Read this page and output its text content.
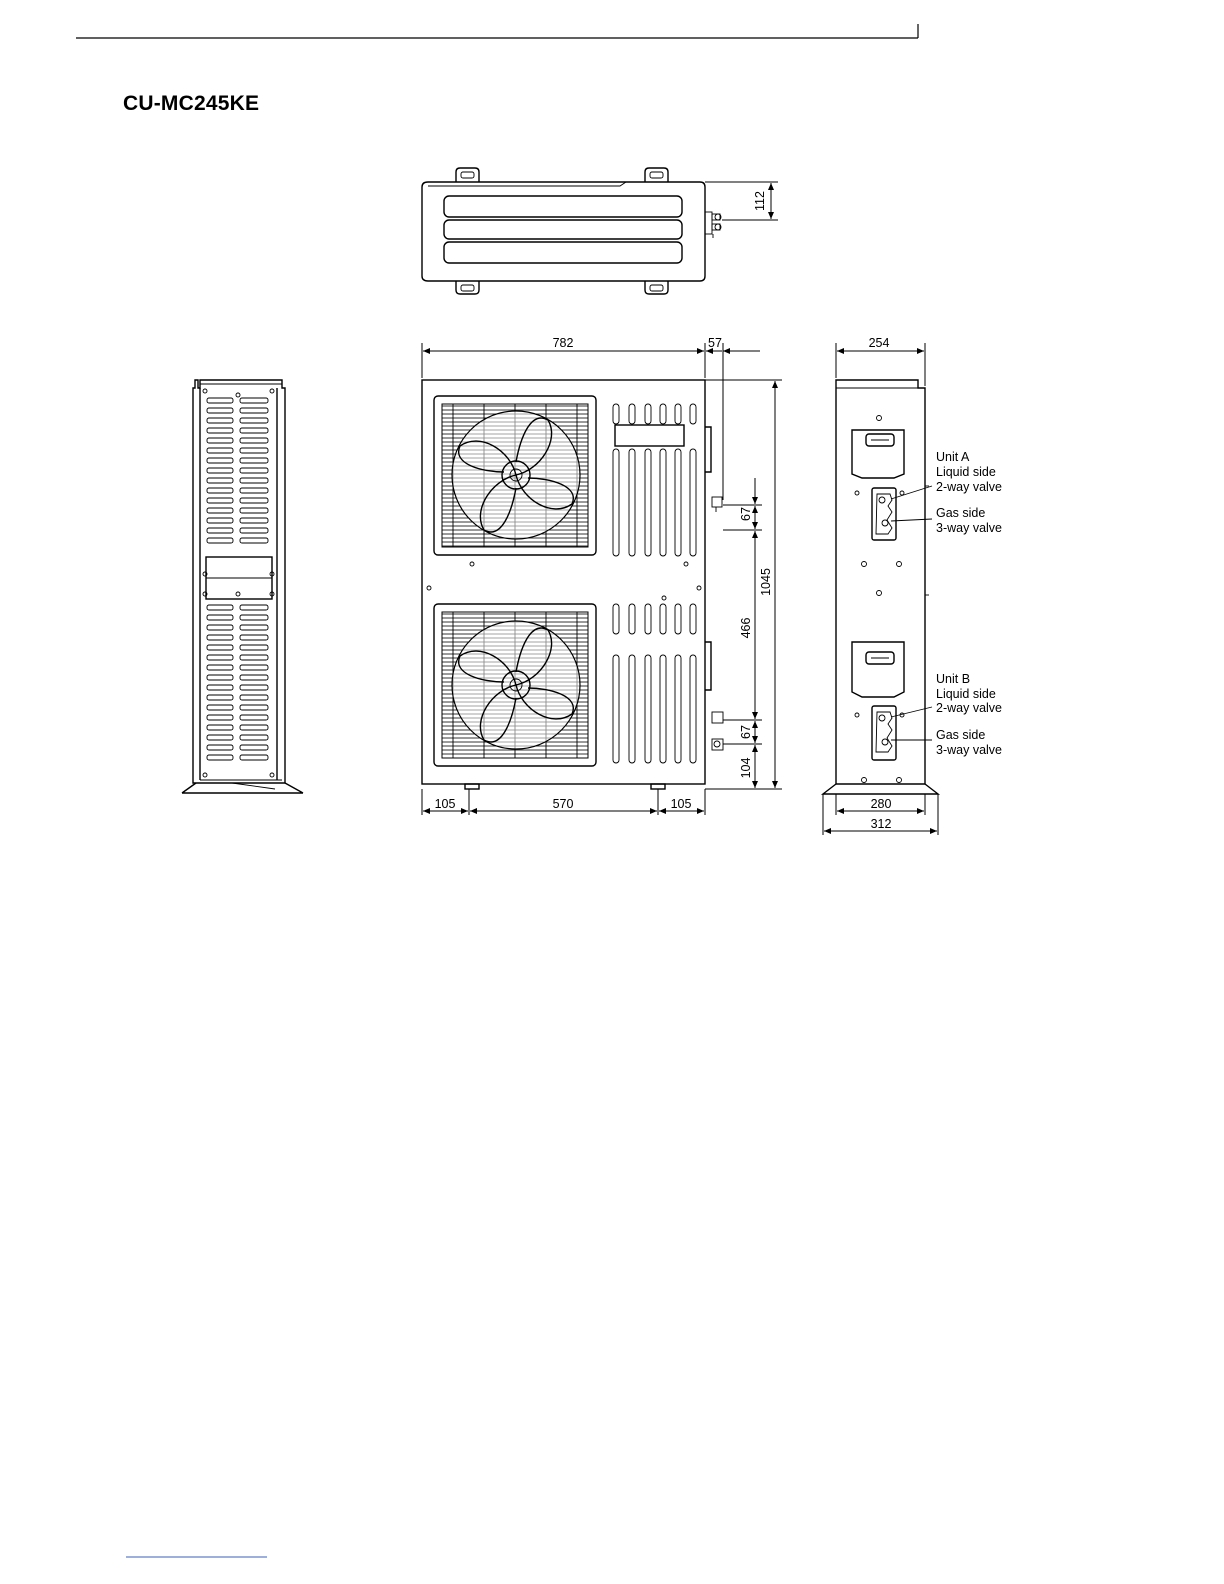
CU-MC245KE
112
782	57
1045
67
466
67
104
105	570	105
254
280
312
Unit A
Liquid side
2-way valve
Gas side
3-way valve
Unit B
Liquid side
2-way valve
Gas side
3-way valve
